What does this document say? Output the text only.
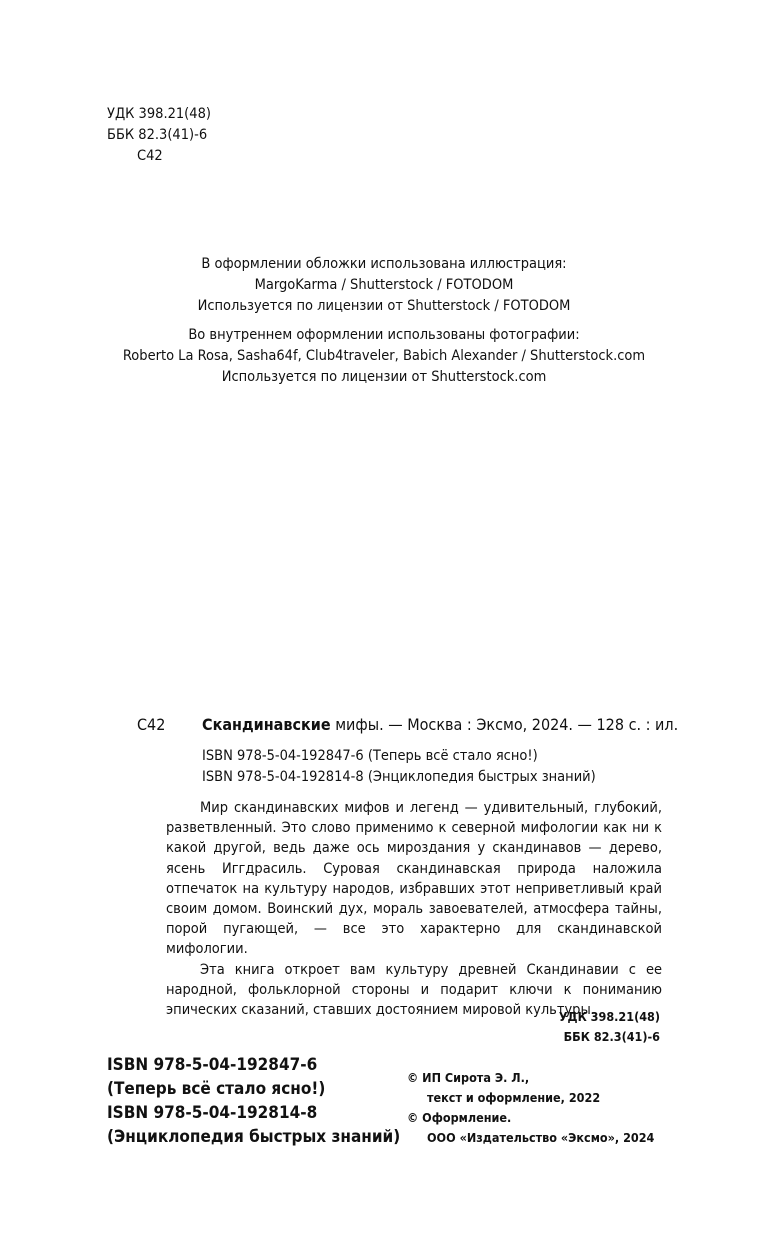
УДК 398.21(48)
ББК 82.3(41)-6
С42
В оформлении обложки использована иллюстрация:
MargoKarma / Shutterstock / FOTODOM
Используется по лицензии от Shutterstock / FOTODOM
Во внутреннем оформлении использованы фотографии:
Roberto La Rosa, Sasha64f, Club4traveler, Babich Alexander / Shutterstock.com
Используется по лицензии от Shutterstock.com
С42 Скандинавские мифы. — Москва : Эксмо, 2024. — 128 с. : ил.
ISBN 978-5-04-192847-6 (Теперь всё стало ясно!)
ISBN 978-5-04-192814-8 (Энциклопедия быстрых знаний)

Мир скандинавских мифов и легенд — удивительный, глубокий, разветвленный. Это слово применимо к северной мифологии как ни к какой другой, ведь даже ось мироздания у скандинавов — дерево, ясень Иггдрасиль. Суровая скандинавская природа наложила отпечаток на культуру народов, избравших этот неприветливый край своим домом. Воинский дух, мораль завоевателей, атмосфера тайны, порой пугающей, — все это характерно для скандинавской мифологии.

Эта книга откроет вам культуру древней Скандинавии с ее народной, фольклорной стороны и подарит ключи к пониманию эпических сказаний, ставших достоянием мировой культуры.

УДК 398.21(48)
ББК 82.3(41)-6
ISBN 978-5-04-192847-6
(Теперь всё стало ясно!)
ISBN 978-5-04-192814-8
(Энциклопедия быстрых знаний)
© ИП Сирота Э. Л.,
текст и оформление, 2022
© Оформление.
ООО «Издательство «Эксмо», 2024
